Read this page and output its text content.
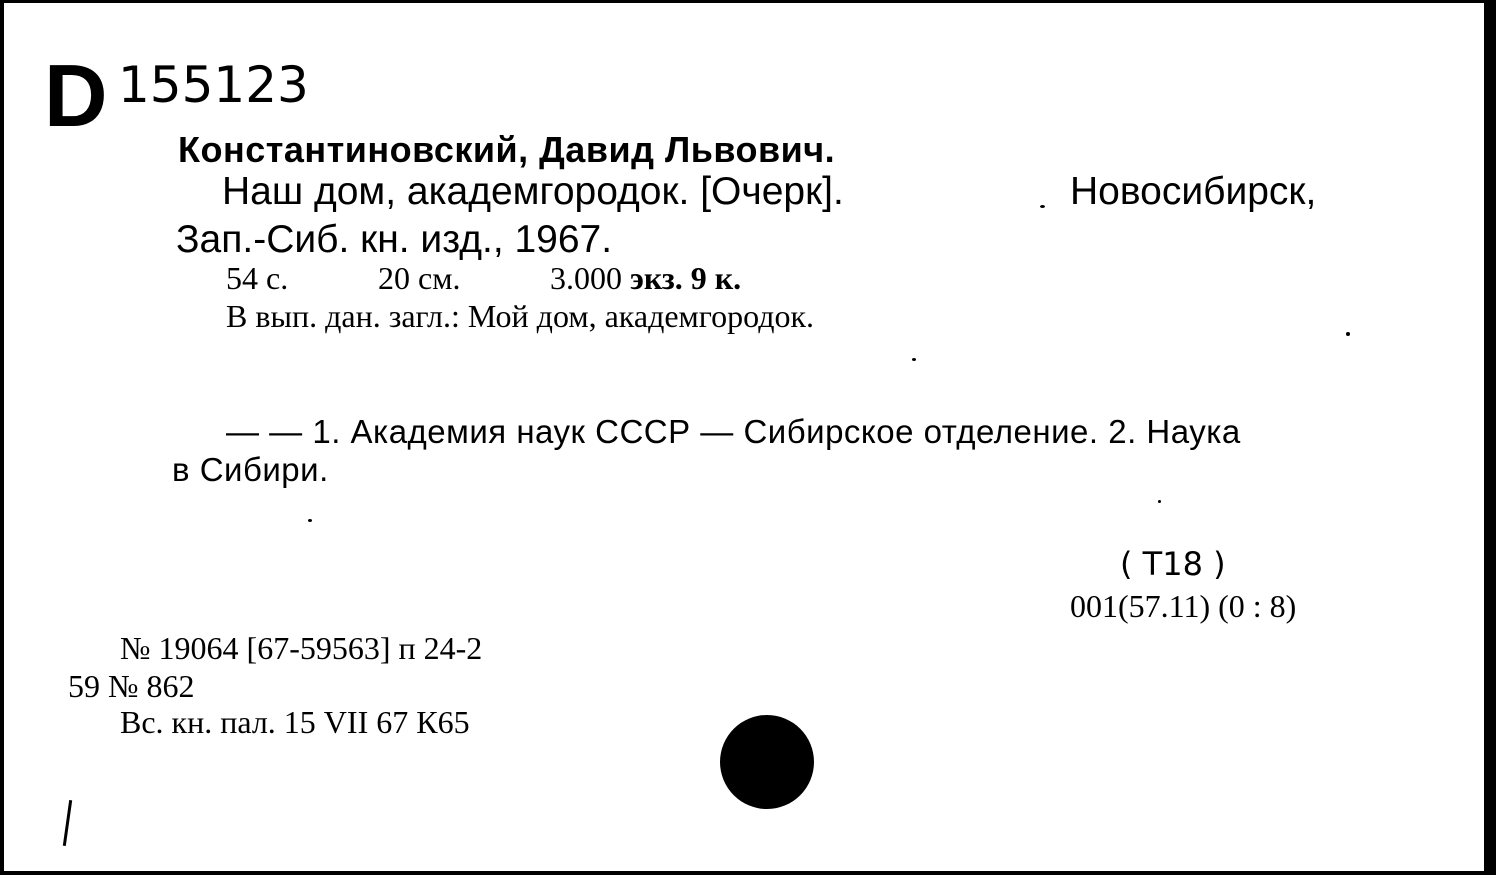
D 155123
Константиновский, Давид Львович.
Наш дом, академгородок. [Очерк].	Новосибирск,
Зап.-Сиб. кн. изд., 1967.
54 с.	20 см.	3.000 экз. 9 к.
В вып. дан. загл.: Мой дом, академгородок.
— — 1. Академия наук СССР — Сибирское отделение. 2. Наука
в Сибири.
( T18 )
001(57.11) (0 : 8)
№ 19064 [67-59563] п 24-2
59 № 862
Вс. кн. пал. 15 VII 67 К65
